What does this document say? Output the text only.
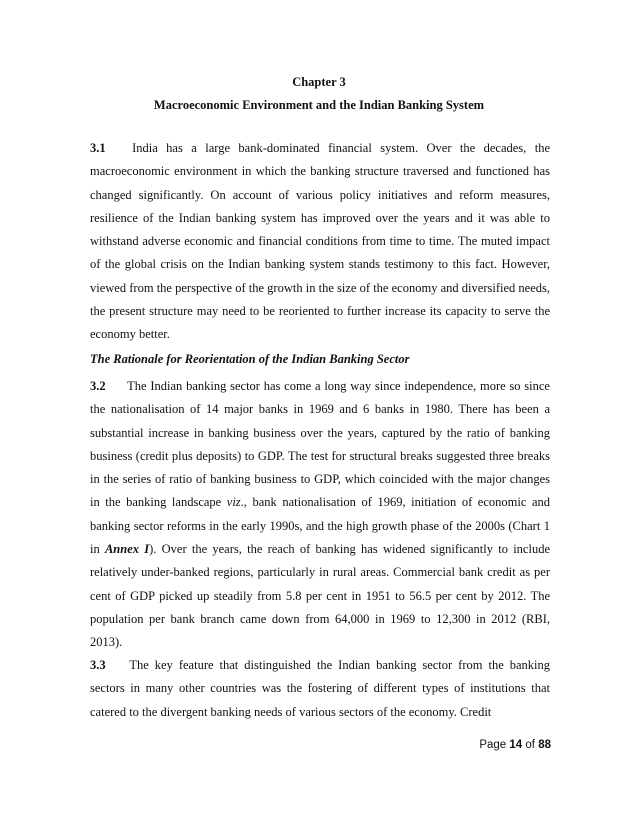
Chapter 3
Macroeconomic Environment and the Indian Banking System

3.1 India has a large bank-dominated financial system. Over the decades, the macroeconomic environment in which the banking structure traversed and functioned has changed significantly. On account of various policy initiatives and reform measures, resilience of the Indian banking system has improved over the years and it was able to withstand adverse economic and financial conditions from time to time. The muted impact of the global crisis on the Indian banking system stands testimony to this fact. However, viewed from the perspective of the growth in the size of the economy and diversified needs, the present structure may need to be reoriented to further increase its capacity to serve the economy better.

The Rationale for Reorientation of the Indian Banking Sector

3.2 The Indian banking sector has come a long way since independence, more so since the nationalisation of 14 major banks in 1969 and 6 banks in 1980. There has been a substantial increase in banking business over the years, captured by the ratio of banking business (credit plus deposits) to GDP. The test for structural breaks suggested three breaks in the series of ratio of banking business to GDP, which coincided with the major changes in the banking landscape viz., bank nationalisation of 1969, initiation of economic and banking sector reforms in the early 1990s, and the high growth phase of the 2000s (Chart 1 in Annex I). Over the years, the reach of banking has widened significantly to include relatively under-banked regions, particularly in rural areas. Commercial bank credit as per cent of GDP picked up steadily from 5.8 per cent in 1951 to 56.5 per cent by 2012. The population per bank branch came down from 64,000 in 1969 to 12,300 in 2012 (RBI, 2013).

3.3 The key feature that distinguished the Indian banking sector from the banking sectors in many other countries was the fostering of different types of institutions that catered to the divergent banking needs of various sectors of the economy. Credit

Page 14 of 88
